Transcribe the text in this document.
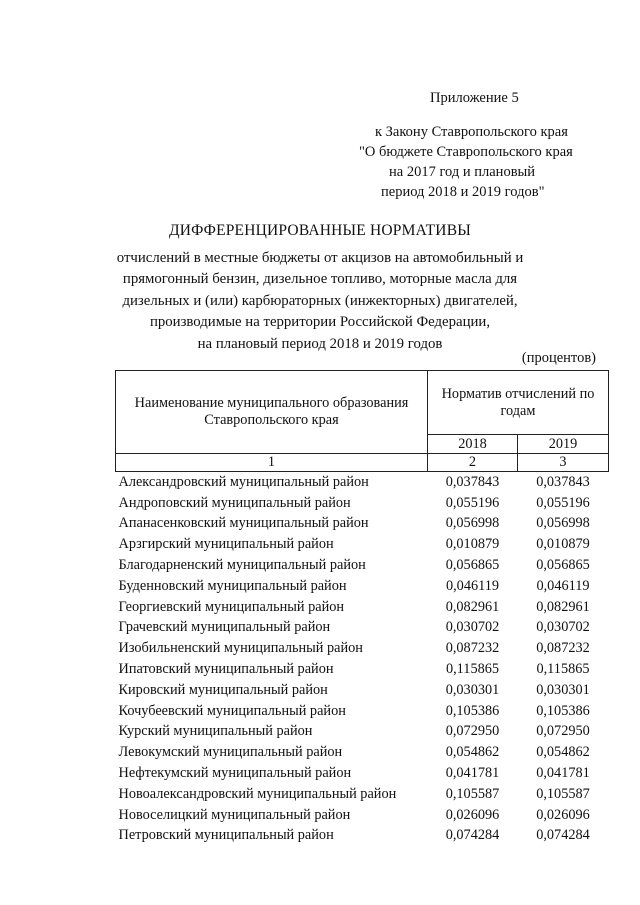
Приложение 5
к Закону Ставропольского края
"О бюджете Ставропольского края
на 2017 год и плановый
период 2018 и 2019 годов"
ДИФФЕРЕНЦИРОВАННЫЕ НОРМАТИВЫ
отчислений в местные бюджеты от акцизов на автомобильный и
прямогонный бензин, дизельное топливо, моторные масла для
дизельных и (или) карбюраторных (инжекторных) двигателей,
производимые на территории Российской Федерации,
на плановый период 2018 и 2019 годов
(процентов)
Наименование муниципального образования Ставропольского края	Норматив отчислений по годам	
	2018	2019
1	2	3
Александровский муниципальный район	0,037843	0,037843
Андроповский муниципальный район	0,055196	0,055196
Апанасенковский муниципальный район	0,056998	0,056998
Арзгирский муниципальный район	0,010879	0,010879
Благодарненский муниципальный район	0,056865	0,056865
Буденновский муниципальный район	0,046119	0,046119
Георгиевский муниципальный район	0,082961	0,082961
Грачевский муниципальный район	0,030702	0,030702
Изобильненский муниципальный район	0,087232	0,087232
Ипатовский муниципальный район	0,115865	0,115865
Кировский муниципальный район	0,030301	0,030301
Кочубеевский муниципальный район	0,105386	0,105386
Курский муниципальный район	0,072950	0,072950
Левокумский муниципальный район	0,054862	0,054862
Нефтекумский муниципальный район	0,041781	0,041781
Новоалександровский муниципальный район	0,105587	0,105587
Новоселицкий муниципальный район	0,026096	0,026096
Петровский муниципальный район	0,074284	0,074284
